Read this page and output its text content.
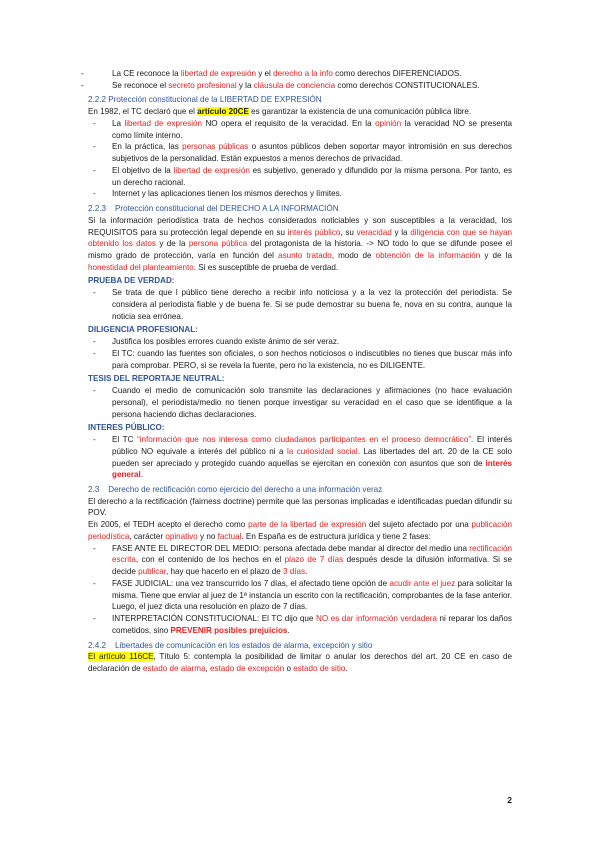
- La CE reconoce la libertad de expresión y el derecho a la info como derechos DIFERENCIADOS.
- Se reconoce el secreto profesional y la cláusula de conciencia como derechos CONSTITUCIONALES.

2.2.2 Protección constitucional de la LIBERTAD DE EXPRESIÓN

En 1982, el TC declaró que el artículo 20CE es garantizar la existencia de una comunicación pública libre.

- La libertad de expresión NO opera el requisito de la veracidad. En la opinión la veracidad NO se presenta como límite interno.
- En la práctica, las personas públicas o asuntos públicos deben soportar mayor intromisión en sus derechos subjetivos de la personalidad. Están expuestos a menos derechos de privacidad.
- El objetivo de la libertad de expresión es subjetivo, generado y difundido por la misma persona. Por tanto, es un derecho racional.
- Internet y las aplicaciones tienen los mismos derechos y límites.

2.2.3    Protección constitucional del DERECHO A LA INFORMACIÓN

Si la información periodística trata de hechos considerados noticiables y son susceptibles a la veracidad, los REQUISITOS para su protección legal depende en su interés público, su veracidad y la diligencia con que se hayan obtenido los datos y de la persona pública del protagonista de la historia. -> NO todo lo que se difunde posee el mismo grado de protección, varía en función del asunto tratado, modo de obtención de la información y de la honestidad del planteamiento. Si es susceptible de prueba de verdad.

PRUEBA DE VERDAD:

- Se trata de que l público tiene derecho a recibir info noticiosa y a la vez la protección del periodista. Se considera al periodista fiable y de buena fe. Si se pude demostrar su buena fe, nova en su contra, aunque la noticia sea errónea.

DILIGENCIA PROFESIONAL:

- Justifica los posibles errores cuando existe ánimo de ser veraz.
- El TC: cuando las fuentes son oficiales, o son hechos noticiosos o indiscutibles no tienes que buscar más info para comprobar. PERO, si se revela la fuente, pero no la existencia, no es DILIGENTE.

TESIS DEL REPORTAJE NEUTRAL:

- Cuando el medio de comunicación solo transmite las declaraciones y afirmaciones (no hace evaluación personal), el periodista/medio no tienen porque investigar su veracidad en el caso que se identifique a la persona haciendo dichas declaraciones.

INTERES PÚBLICO:

- El TC “información que nos interesa como ciudadanos participantes en el proceso democrático”. El interés público NO equivale a interés del público ni a la curiosidad social. Las libertades del art. 20 de la CE solo pueden ser apreciado y protegido cuando aquellas se ejercitan en conexión con asuntos que son de interés general.

2.3    Derecho de rectificación como ejercicio del derecho a una información veraz

El derecho a la rectificación (fairness doctrine) permite que las personas implicadas e identificadas puedan difundir su POV.

En 2005, el TEDH acepto el derecho como parte de la libertad de expresión del sujeto afectado por una publicación periodística, carácter opinativo y no factual. En España es de estructura jurídica y tiene 2 fases:

- FASE ANTE EL DIRECTOR DEL MEDIO: persona afectada debe mandar al director del medio una rectificación escrita, con el contenido de los hechos en el plazo de 7 días después desde la difusión informativa. Si se decide publicar, hay que hacerlo en el plazo de 3 días.
- FASE JUDICIAL: una vez transcurrido los 7 días, el afectado tiene opción de acudir ante el juez para solicitar la misma. Tiene que enviar al juez de 1ª instancia un escrito con la rectificación, comprobantes de la fase anterior. Luego, el juez dicta una resolución en plazo de 7 días.
- INTERPRETACIÓN CONSTITUCIONAL: El TC dijo que NO es dar información verdadera ni reparar los daños cometidos, sino PREVENIR posibles prejuicios.

2.4.2    Libertades de comunicación en los estados de alarma, excepción y sitio

El artículo 116CE, Título 5: contempla la posibilidad de limitar o anular los derechos del art. 20 CE en caso de declaración de estado de alarma, estado de excepción o estado de sitio.

2
